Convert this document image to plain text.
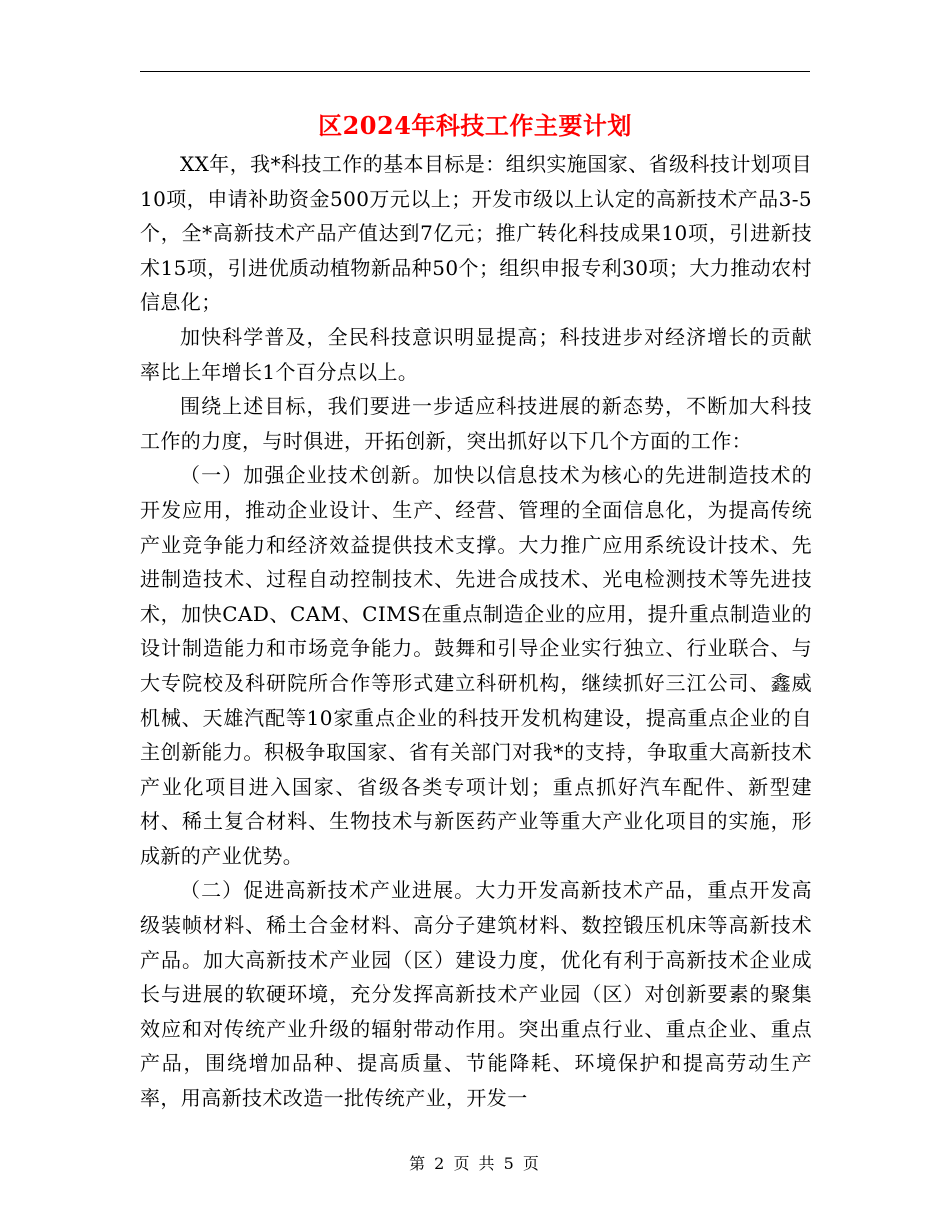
区2024年科技工作主要计划

XX年，我*科技工作的基本目标是：组织实施国家、省级科技计划项目10项，申请补助资金500万元以上；开发市级以上认定的高新技术产品3-5个，全*高新技术产品产值达到7亿元；推广转化科技成果10项，引进新技术15项，引进优质动植物新品种50个；组织申报专利30项；大力推动农村信息化；

加快科学普及，全民科技意识明显提高；科技进步对经济增长的贡献率比上年增长1个百分点以上。

围绕上述目标，我们要进一步适应科技进展的新态势，不断加大科技工作的力度，与时俱进，开拓创新，突出抓好以下几个方面的工作：

（一）加强企业技术创新。加快以信息技术为核心的先进制造技术的开发应用，推动企业设计、生产、经营、管理的全面信息化，为提高传统产业竞争能力和经济效益提供技术支撑。大力推广应用系统设计技术、先进制造技术、过程自动控制技术、先进合成技术、光电检测技术等先进技术，加快CAD、CAM、CIMS在重点制造企业的应用，提升重点制造业的设计制造能力和市场竞争能力。鼓舞和引导企业实行独立、行业联合、与大专院校及科研院所合作等形式建立科研机构，继续抓好三江公司、鑫威机械、天雄汽配等10家重点企业的科技开发机构建设，提高重点企业的自主创新能力。积极争取国家、省有关部门对我*的支持，争取重大高新技术产业化项目进入国家、省级各类专项计划；重点抓好汽车配件、新型建材、稀土复合材料、生物技术与新医药产业等重大产业化项目的实施，形成新的产业优势。

（二）促进高新技术产业进展。大力开发高新技术产品，重点开发高级装帧材料、稀土合金材料、高分子建筑材料、数控锻压机床等高新技术产品。加大高新技术产业园（区）建设力度，优化有利于高新技术企业成长与进展的软硬环境，充分发挥高新技术产业园（区）对创新要素的聚集效应和对传统产业升级的辐射带动作用。突出重点行业、重点企业、重点产品，围绕增加品种、提高质量、节能降耗、环境保护和提高劳动生产率，用高新技术改造一批传统产业，开发一

第 2 页 共 5 页
